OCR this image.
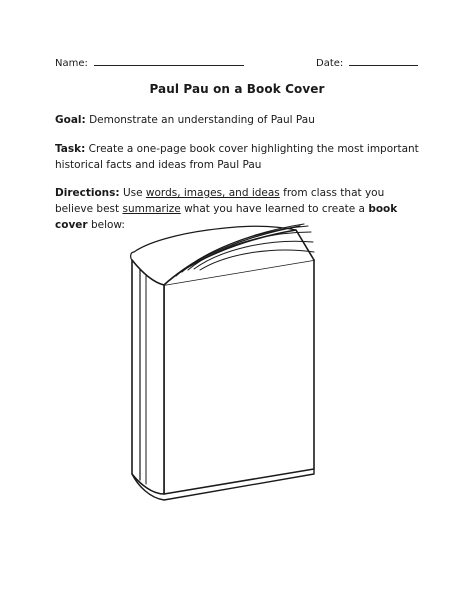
Name:	Date:
Paul Pau on a Book Cover
Goal: Demonstrate an understanding of Paul Pau
Task: Create a one-page book cover highlighting the most important historical facts and ideas from Paul Pau
Directions: Use words, images, and ideas from class that you believe best summarize what you have learned to create a book cover below:
